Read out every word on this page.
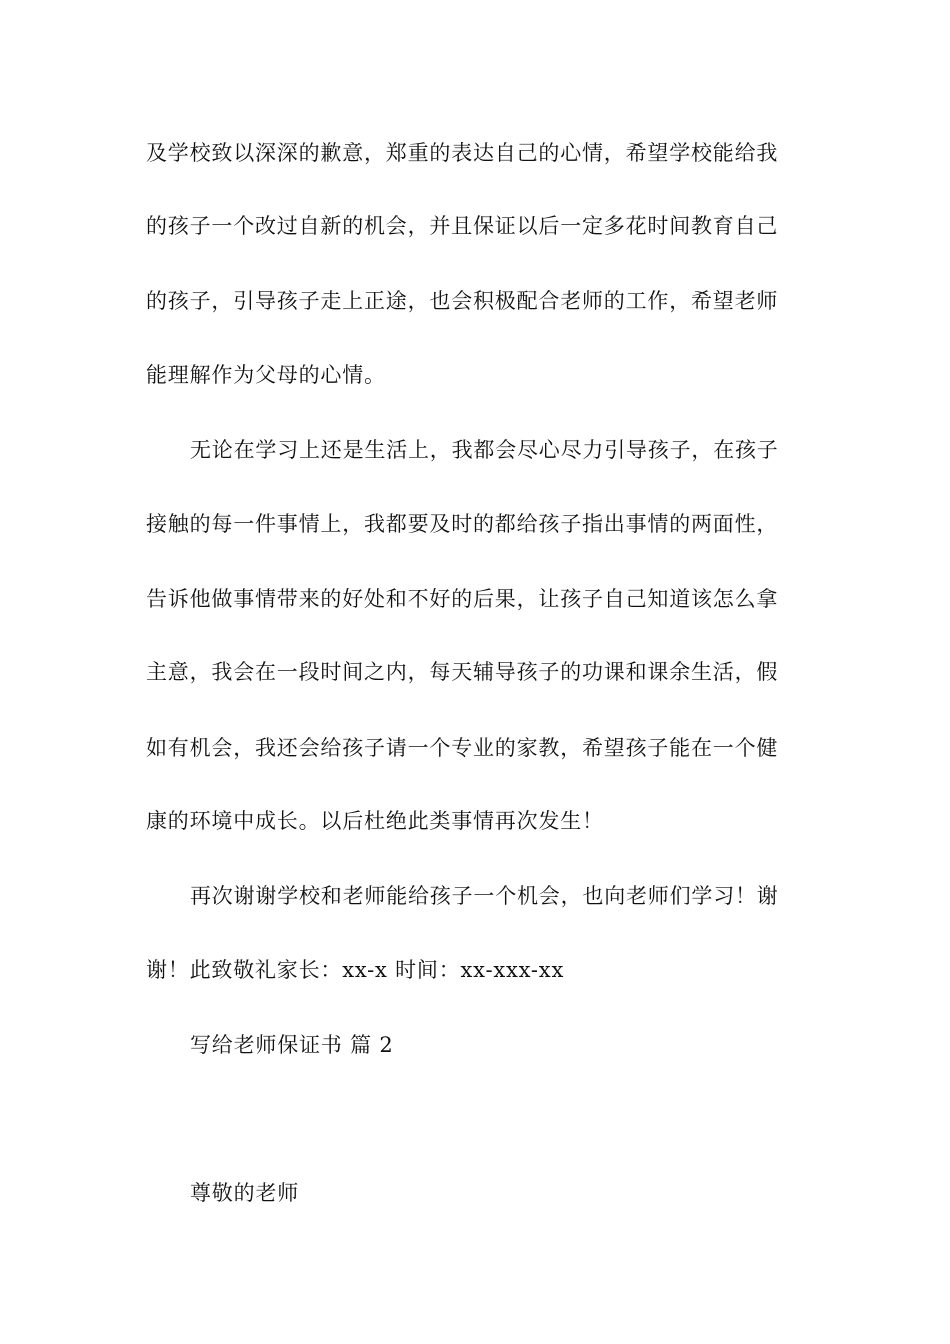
及学校致以深深的歉意，郑重的表达自己的心情，希望学校能给我
的孩子一个改过自新的机会，并且保证以后一定多花时间教育自己
的孩子，引导孩子走上正途，也会积极配合老师的工作，希望老师
能理解作为父母的心情。
无论在学习上还是生活上，我都会尽心尽力引导孩子，在孩子
接触的每一件事情上，我都要及时的都给孩子指出事情的两面性，
告诉他做事情带来的好处和不好的后果，让孩子自己知道该怎么拿
主意，我会在一段时间之内，每天辅导孩子的功课和课余生活，假
如有机会，我还会给孩子请一个专业的家教，希望孩子能在一个健
康的环境中成长。以后杜绝此类事情再次发生！
再次谢谢学校和老师能给孩子一个机会，也向老师们学习！谢
谢！此致敬礼家长：xx-x 时间：xx-xxx-xx
写给老师保证书 篇 2
尊敬的老师
